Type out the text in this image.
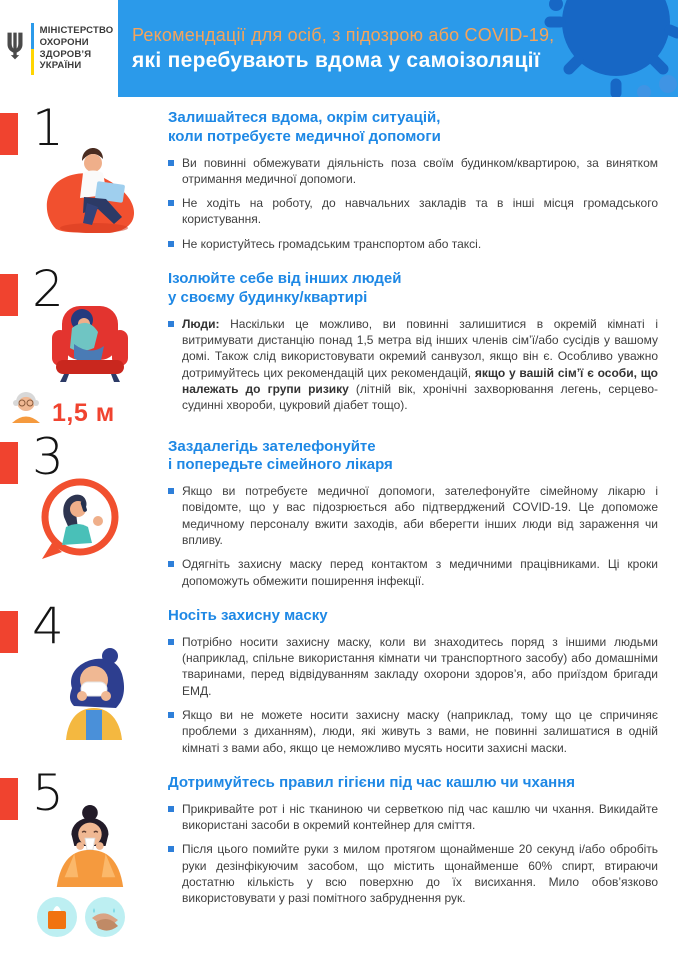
МІНІСТЕРСТВО
ОХОРОНИ
ЗДОРОВ’Я
УКРАЇНИ
Рекомендації для осіб, з підозрою або COVID-19,
які перебувають вдома у самоізоляції
1	Залишайтеся вдома, окрім ситуацій,
коли потребуєте медичної допомоги
Ви повинні обмежувати діяльність поза своїм будинком/квартирою, за винятком отримання медичної допомоги.
Не ходіть на роботу, до навчальних закладів та в інші місця громадського користування.
Не користуйтесь громадським транспортом або таксі.
2
1,5 м
Ізолюйте себе від інших людей
у своєму будинку/квартирі
Люди: Наскільки це можливо, ви повинні залишитися в окремій кімнаті і витримувати дистанцію понад 1,5 метра від інших членів сім’ї/або сусідів у вашому домі. Також слід використовувати окремий санвузол, якщо він є. Особливо уважно дотримуйтесь цих рекомендацій цих рекомендацій, якщо у вашій сім’ї є особи, що належать до групи ризику (літній вік, хронічні захворювання легень, серцево-судинні хвороби, цукровий діабет тощо).
3	Заздалегідь зателефонуйте
і попередьте сімейного лікаря
Якщо ви потребуєте медичної допомоги, зателефонуйте сімейному лікарю і повідомте, що у вас підозрюється або підтверджений COVID-19. Це допоможе медичному персоналу вжити заходів, аби вберегти інших люди від зараження чи впливу.
Одягніть захисну маску перед контактом з медичними працівниками. Ці кроки допоможуть обмежити поширення інфекції.
4	Носіть захисну маску
Потрібно носити захисну маску, коли ви знаходитесь поряд з іншими людьми (наприклад, спільне використання кімнати чи транспортного засобу) або домашніми тваринами, перед відвідуванням закладу охорони здоров’я, або приїздом бригади ЕМД.
Якщо ви не можете носити захисну маску (наприклад, тому що це спричиняє проблеми з диханням), люди, які живуть з вами, не повинні залишатися в одній кімнаті з вами або, якщо це неможливо мусять носити захисні маски.
5	Дотримуйтесь правил гігієни під час кашлю чи чхання
Прикривайте рот і ніс тканиною чи серветкою під час кашлю чи чхання. Викидайте використані засоби в окремий контейнер для сміття.
Після цього помийте руки з милом протягом щонайменше 20 секунд і/або обробіть руки дезінфікуючим засобом, що містить щонайменше 60% спирт, втираючи достатню кількість у всю поверхню до їх висихання. Мило обов’язково використовувати у разі помітного забруднення рук.
